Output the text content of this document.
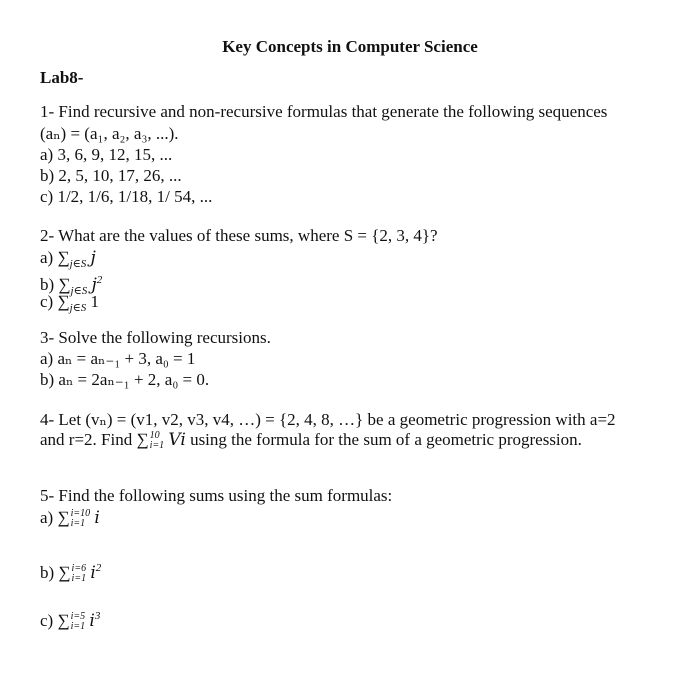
Key Concepts in Computer Science
Lab8-
1- Find recursive and non-recursive formulas that generate the following sequences
(aₙ) = (a₁, a₂, a₃, ...).
a) 3, 6, 9, 12, 15, ...
b) 2, 5, 10, 17, 26, ...
c) 1/2, 1/6, 1/18, 1/ 54, ...
2- What are the values of these sums, where S = {2, 3, 4}?
a) $\sum_{j\in S}$ j
b) $\sum_{j\in S}$ $j^2$
c) $\sum_{j\in S}$ 1
3- Solve the following recursions.
a) aₙ = aₙ₋₁ + 3, a₀ = 1
b) aₙ = 2aₙ₋₁ + 2, a₀ = 0.
4- Let (vₙ) = (v1, v2, v3, v4, …) = {2, 4, 8, …} be a geometric progression with a=2
and r=2. Find ∑ 10
i=1 Vi using the formula for the sum of a geometric progression.
5- Find the following sums using the sum formulas:
a) ∑ i=10
i=1 i
b) ∑ i=6
i=1 $i^2$
c) ∑ i=5
i=1 $i^3$
